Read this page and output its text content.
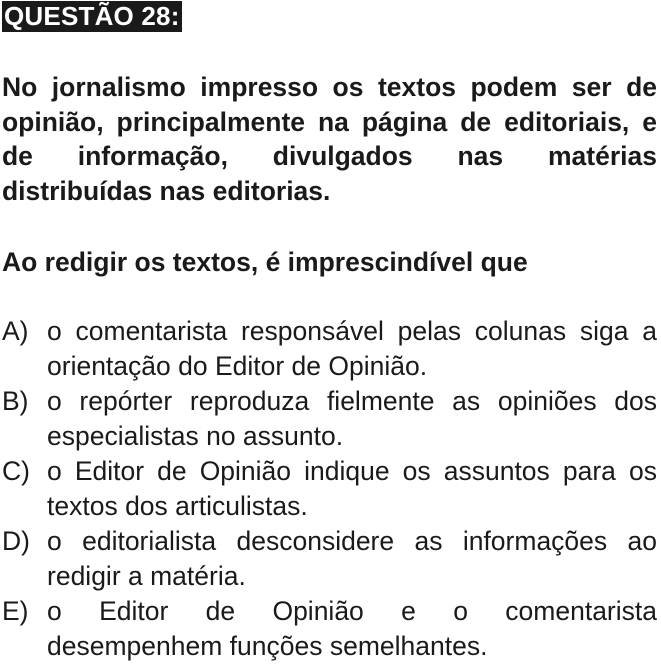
QUESTÃO 28:

No jornalismo impresso os textos podem ser de opinião, principalmente na página de editoriais, e de informação, divulgados nas matérias distribuídas nas editorias.

Ao redigir os textos, é imprescindível que

A) o comentarista responsável pelas colunas siga a orientação do Editor de Opinião.
B) o repórter reproduza fielmente as opiniões dos especialistas no assunto.
C) o Editor de Opinião indique os assuntos para os textos dos articulistas.
D) o editorialista desconsidere as informações ao redigir a matéria.
E) o Editor de Opinião e o comentarista desempenhem funções semelhantes.
